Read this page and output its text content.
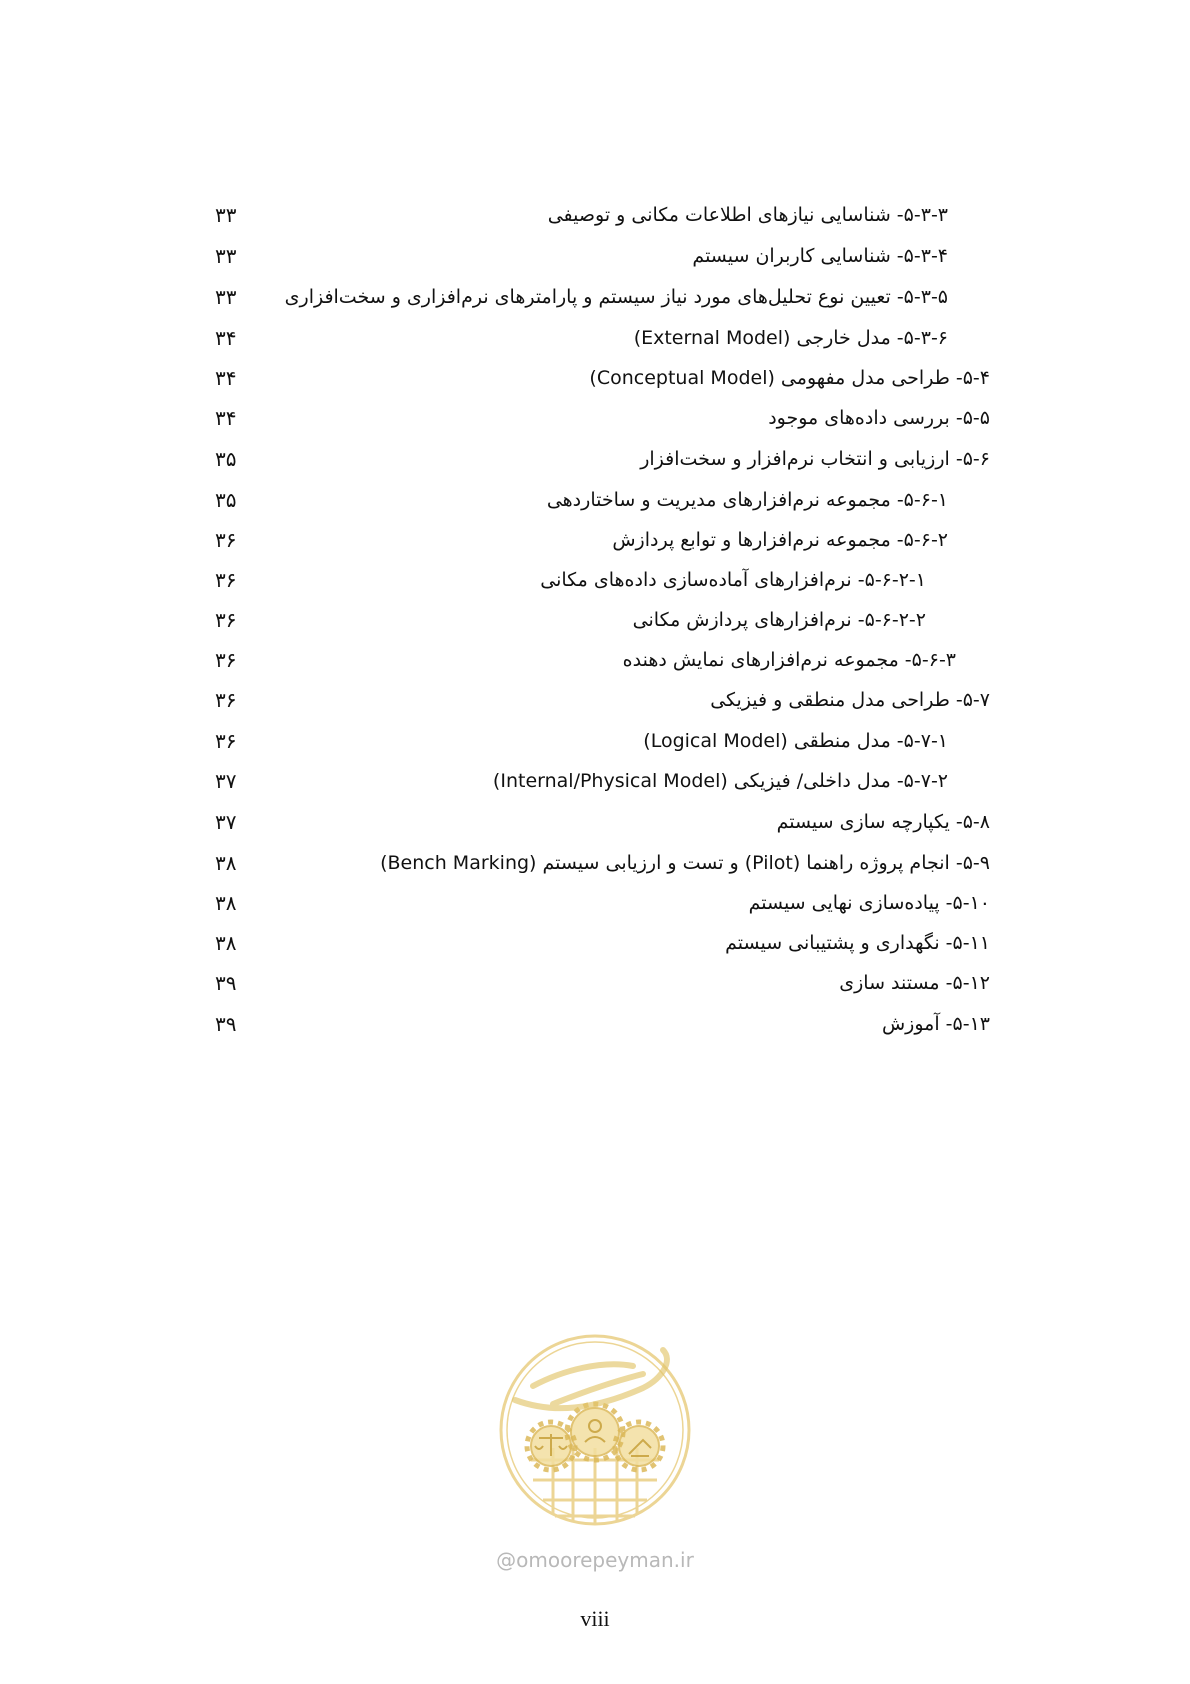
۵-۳-۳- شناسایی نیازهای اطلاعات مکانی و توصیفی
۳۳
۵-۳-۴- شناسایی کاربران سیستم
۳۳
۵-۳-۵- تعیین نوع تحلیل‌های مورد نیاز سیستم و پارامترهای نرم‌افزاری و سخت‌افزاری
۳۳
۵-۳-۶- مدل خارجی (External Model)
۳۴
۵-۴- طراحی مدل مفهومی (Conceptual Model)
۳۴
۵-۵- بررسی داده‌های موجود
۳۴
۵-۶- ارزیابی و انتخاب نرم‌افزار و سخت‌افزار
۳۵
۵-۶-۱- مجموعه نرم‌افزارهای مدیریت و ساختاردهی
۳۵
۵-۶-۲- مجموعه نرم‌افزارها و توابع پردازش
۳۶
۵-۶-۲-۱- نرم‌افزارهای آماده‌سازی داده‌های مکانی
۳۶
۵-۶-۲-۲- نرم‌افزارهای پردازش مکانی
۳۶
۵-۶-۳- مجموعه نرم‌افزارهای نمایش دهنده
۳۶
۵-۷- طراحی مدل منطقی و فیزیکی
۳۶
۵-۷-۱- مدل منطقی (Logical Model)
۳۶
۵-۷-۲- مدل داخلی/ فیزیکی (Internal/Physical Model)
۳۷
۵-۸- یکپارچه سازی سیستم
۳۷
۵-۹- انجام پروژه راهنما (Pilot) و تست و ارزیابی سیستم (Bench Marking)
۳۸
۵-۱۰- پیاده‌سازی نهایی سیستم
۳۸
۵-۱۱- نگهداری و پشتیبانی سیستم
۳۸
۵-۱۲- مستند سازی
۳۹
۵-۱۳- آموزش
۳۹
@omoorepeyman.ir
viii
